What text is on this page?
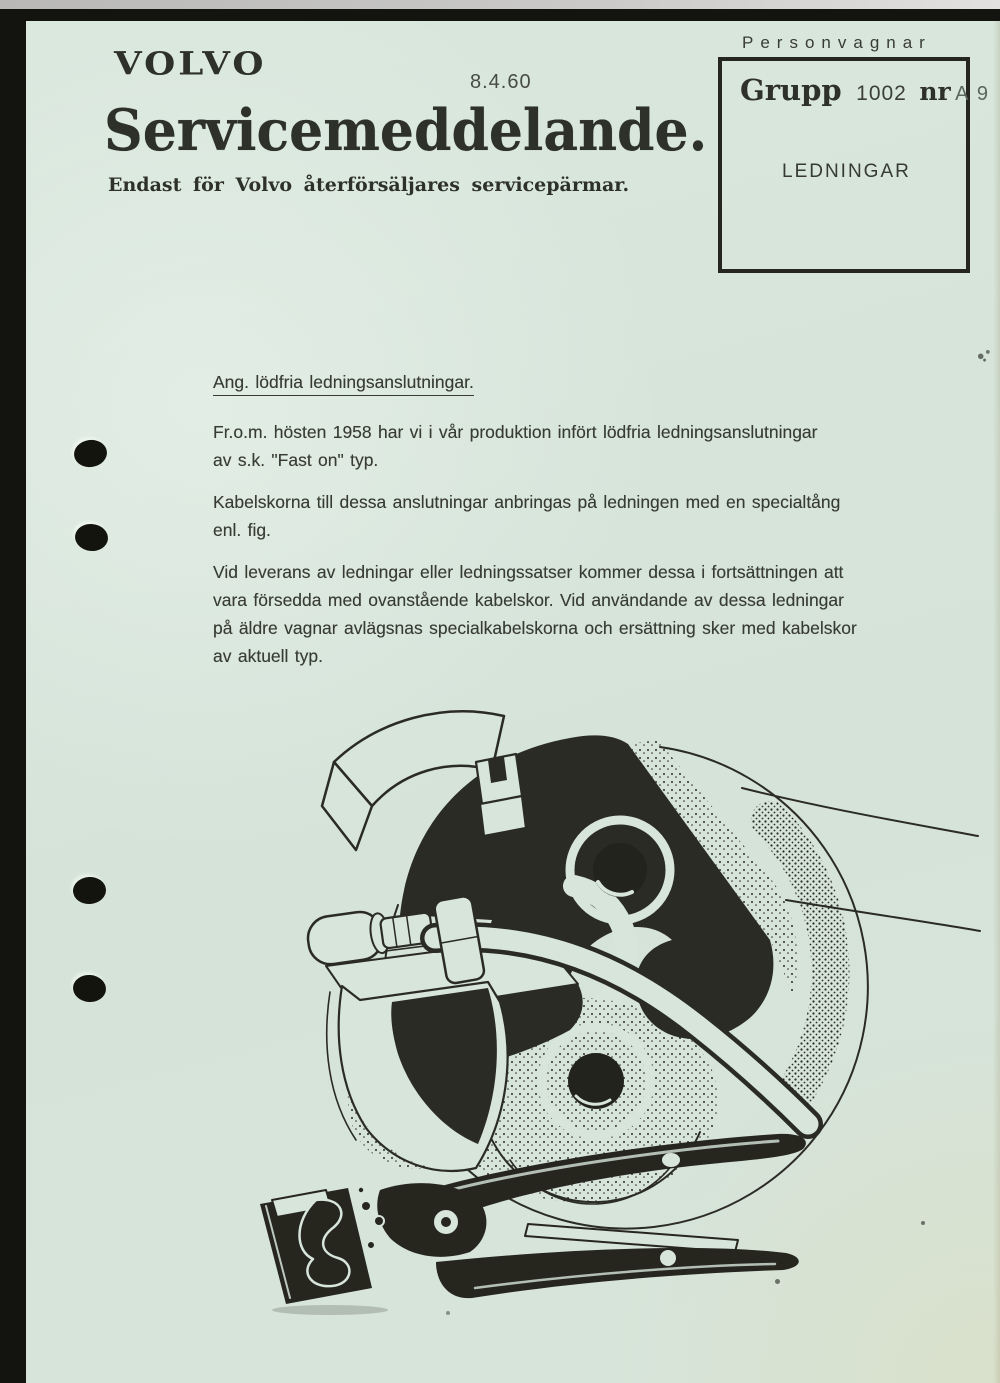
VOLVO	8.4.60
Servicemeddelande.
Endast för Volvo återförsäljares servicepärmar.
Personvagnar
Grupp 1002 nr A 9
LEDNINGAR
Ang. lödfria ledningsanslutningar.

Fr.o.m. hösten 1958 har vi i vår produktion infört lödfria ledningsanslutningar
av s.k. "Fast on" typ.

Kabelskorna till dessa anslutningar anbringas på ledningen med en specialtång
enl. fig.

Vid leverans av ledningar eller ledningssatser kommer dessa i fortsättningen att
vara försedda med ovanstående kabelskor. Vid användande av dessa ledningar
på äldre vagnar avlägsnas specialkabelskorna och ersättning sker med kabelskor
av aktuell typ.
